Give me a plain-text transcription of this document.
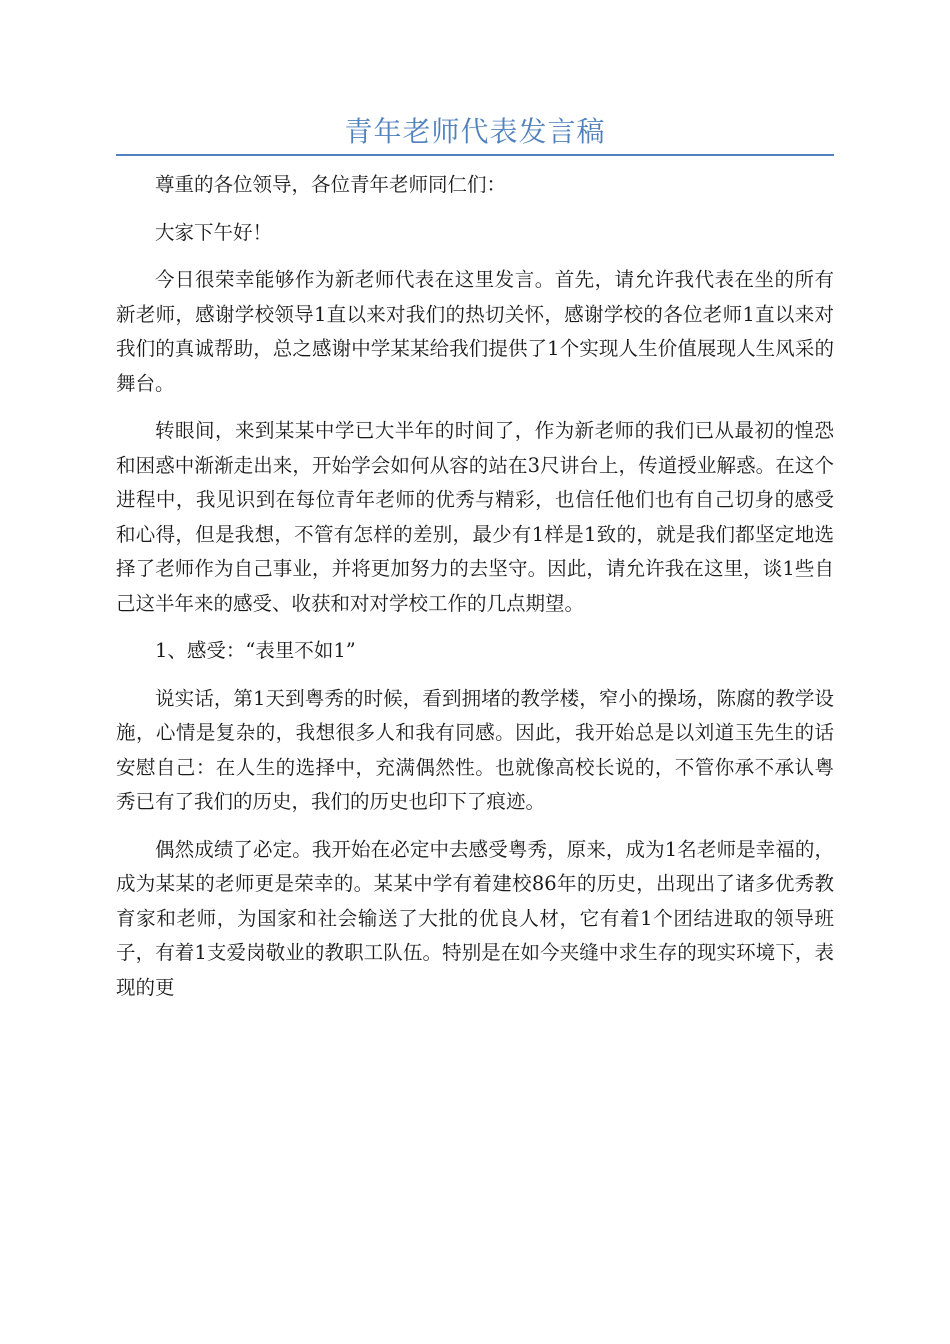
青年老师代表发言稿

尊重的各位领导，各位青年老师同仁们：

大家下午好！

今日很荣幸能够作为新老师代表在这里发言。首先，请允许我代表在坐的所有新老师，感谢学校领导1直以来对我们的热切关怀，感谢学校的各位老师1直以来对我们的真诚帮助，总之感谢中学某某给我们提供了1个实现人生价值展现人生风采的舞台。

转眼间，来到某某中学已大半年的时间了，作为新老师的我们已从最初的惶恐和困惑中渐渐走出来，开始学会如何从容的站在3尺讲台上，传道授业解惑。在这个进程中，我见识到在每位青年老师的优秀与精彩，也信任他们也有自己切身的感受和心得，但是我想，不管有怎样的差别，最少有1样是1致的，就是我们都坚定地选择了老师作为自己事业，并将更加努力的去坚守。因此，请允许我在这里，谈1些自己这半年来的感受、收获和对对学校工作的几点期望。

1、感受：“表里不如1”

说实话，第1天到粤秀的时候，看到拥堵的教学楼，窄小的操场，陈腐的教学设施，心情是复杂的，我想很多人和我有同感。因此，我开始总是以刘道玉先生的话安慰自己：在人生的选择中，充满偶然性。也就像高校长说的，不管你承不承认粤秀已有了我们的历史，我们的历史也印下了痕迹。

偶然成绩了必定。我开始在必定中去感受粤秀，原来，成为1名老师是幸福的，成为某某的老师更是荣幸的。某某中学有着建校86年的历史，出现出了诸多优秀教育家和老师，为国家和社会输送了大批的优良人材，它有着1个团结进取的领导班子，有着1支爱岗敬业的教职工队伍。特别是在如今夹缝中求生存的现实环境下，表现的更
